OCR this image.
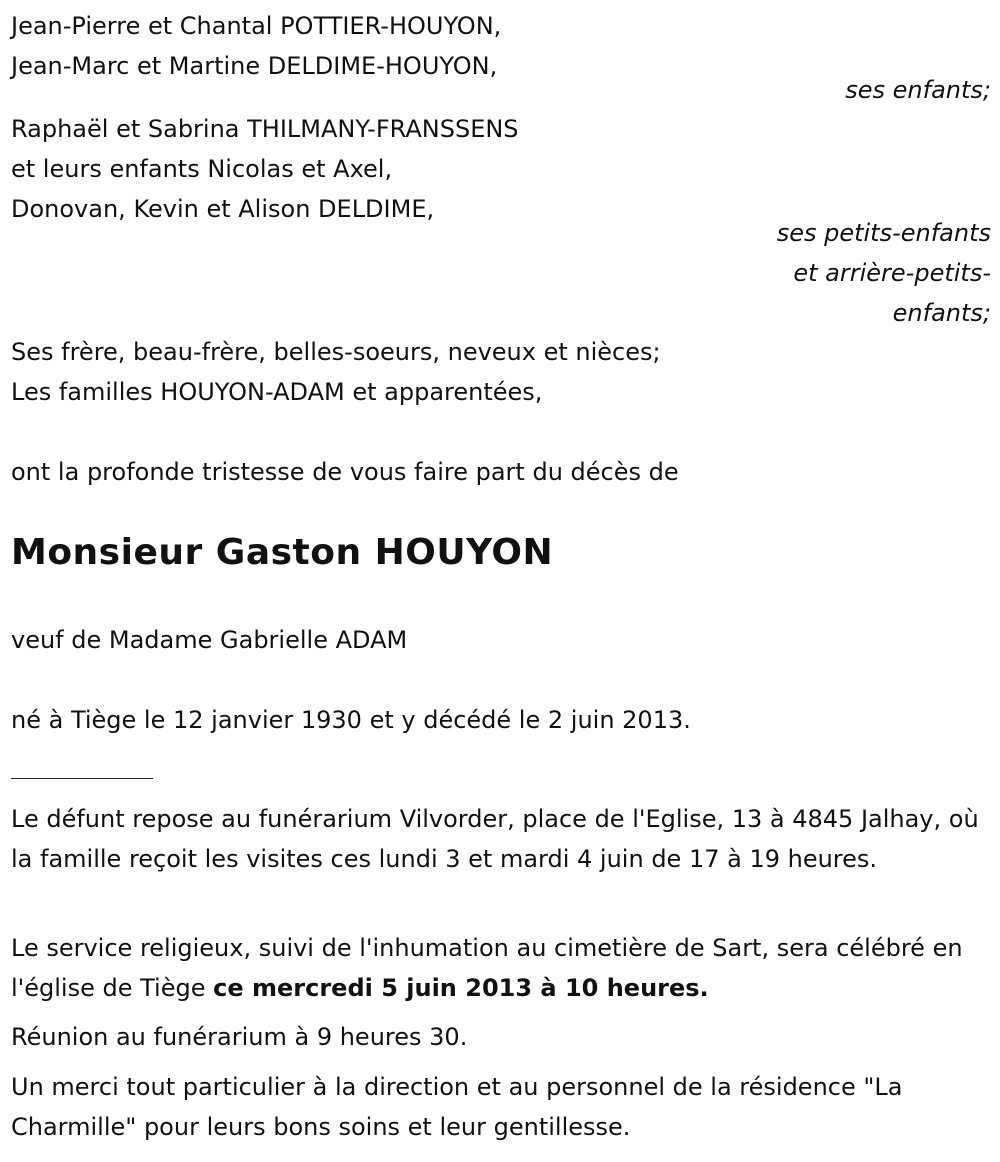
Jean-Pierre et Chantal POTTIER-HOUYON,
Jean-Marc et Martine DELDIME-HOUYON,
ses enfants;
Raphaël et Sabrina THILMANY-FRANSSENS
et leurs enfants Nicolas et Axel,
Donovan, Kevin et Alison DELDIME,
ses petits-enfants
et arrière-petits-
enfants;
Ses frère, beau-frère, belles-soeurs, neveux et nièces;
Les familles HOUYON-ADAM et apparentées,
ont la profonde tristesse de vous faire part du décès de
Monsieur Gaston HOUYON
veuf de Madame Gabrielle ADAM
né à Tiège le 12 janvier 1930 et y décédé le 2 juin 2013.
Le défunt repose au funérarium Vilvorder, place de l'Eglise, 13 à 4845 Jalhay, où la famille reçoit les visites ces lundi 3 et mardi 4 juin de 17 à 19 heures.
Le service religieux, suivi de l'inhumation au cimetière de Sart, sera célébré en l'église de Tiège ce mercredi 5 juin 2013 à 10 heures.
Réunion au funérarium à 9 heures 30.
Un merci tout particulier à la direction et au personnel de la résidence "La Charmille" pour leurs bons soins et leur gentillesse.
